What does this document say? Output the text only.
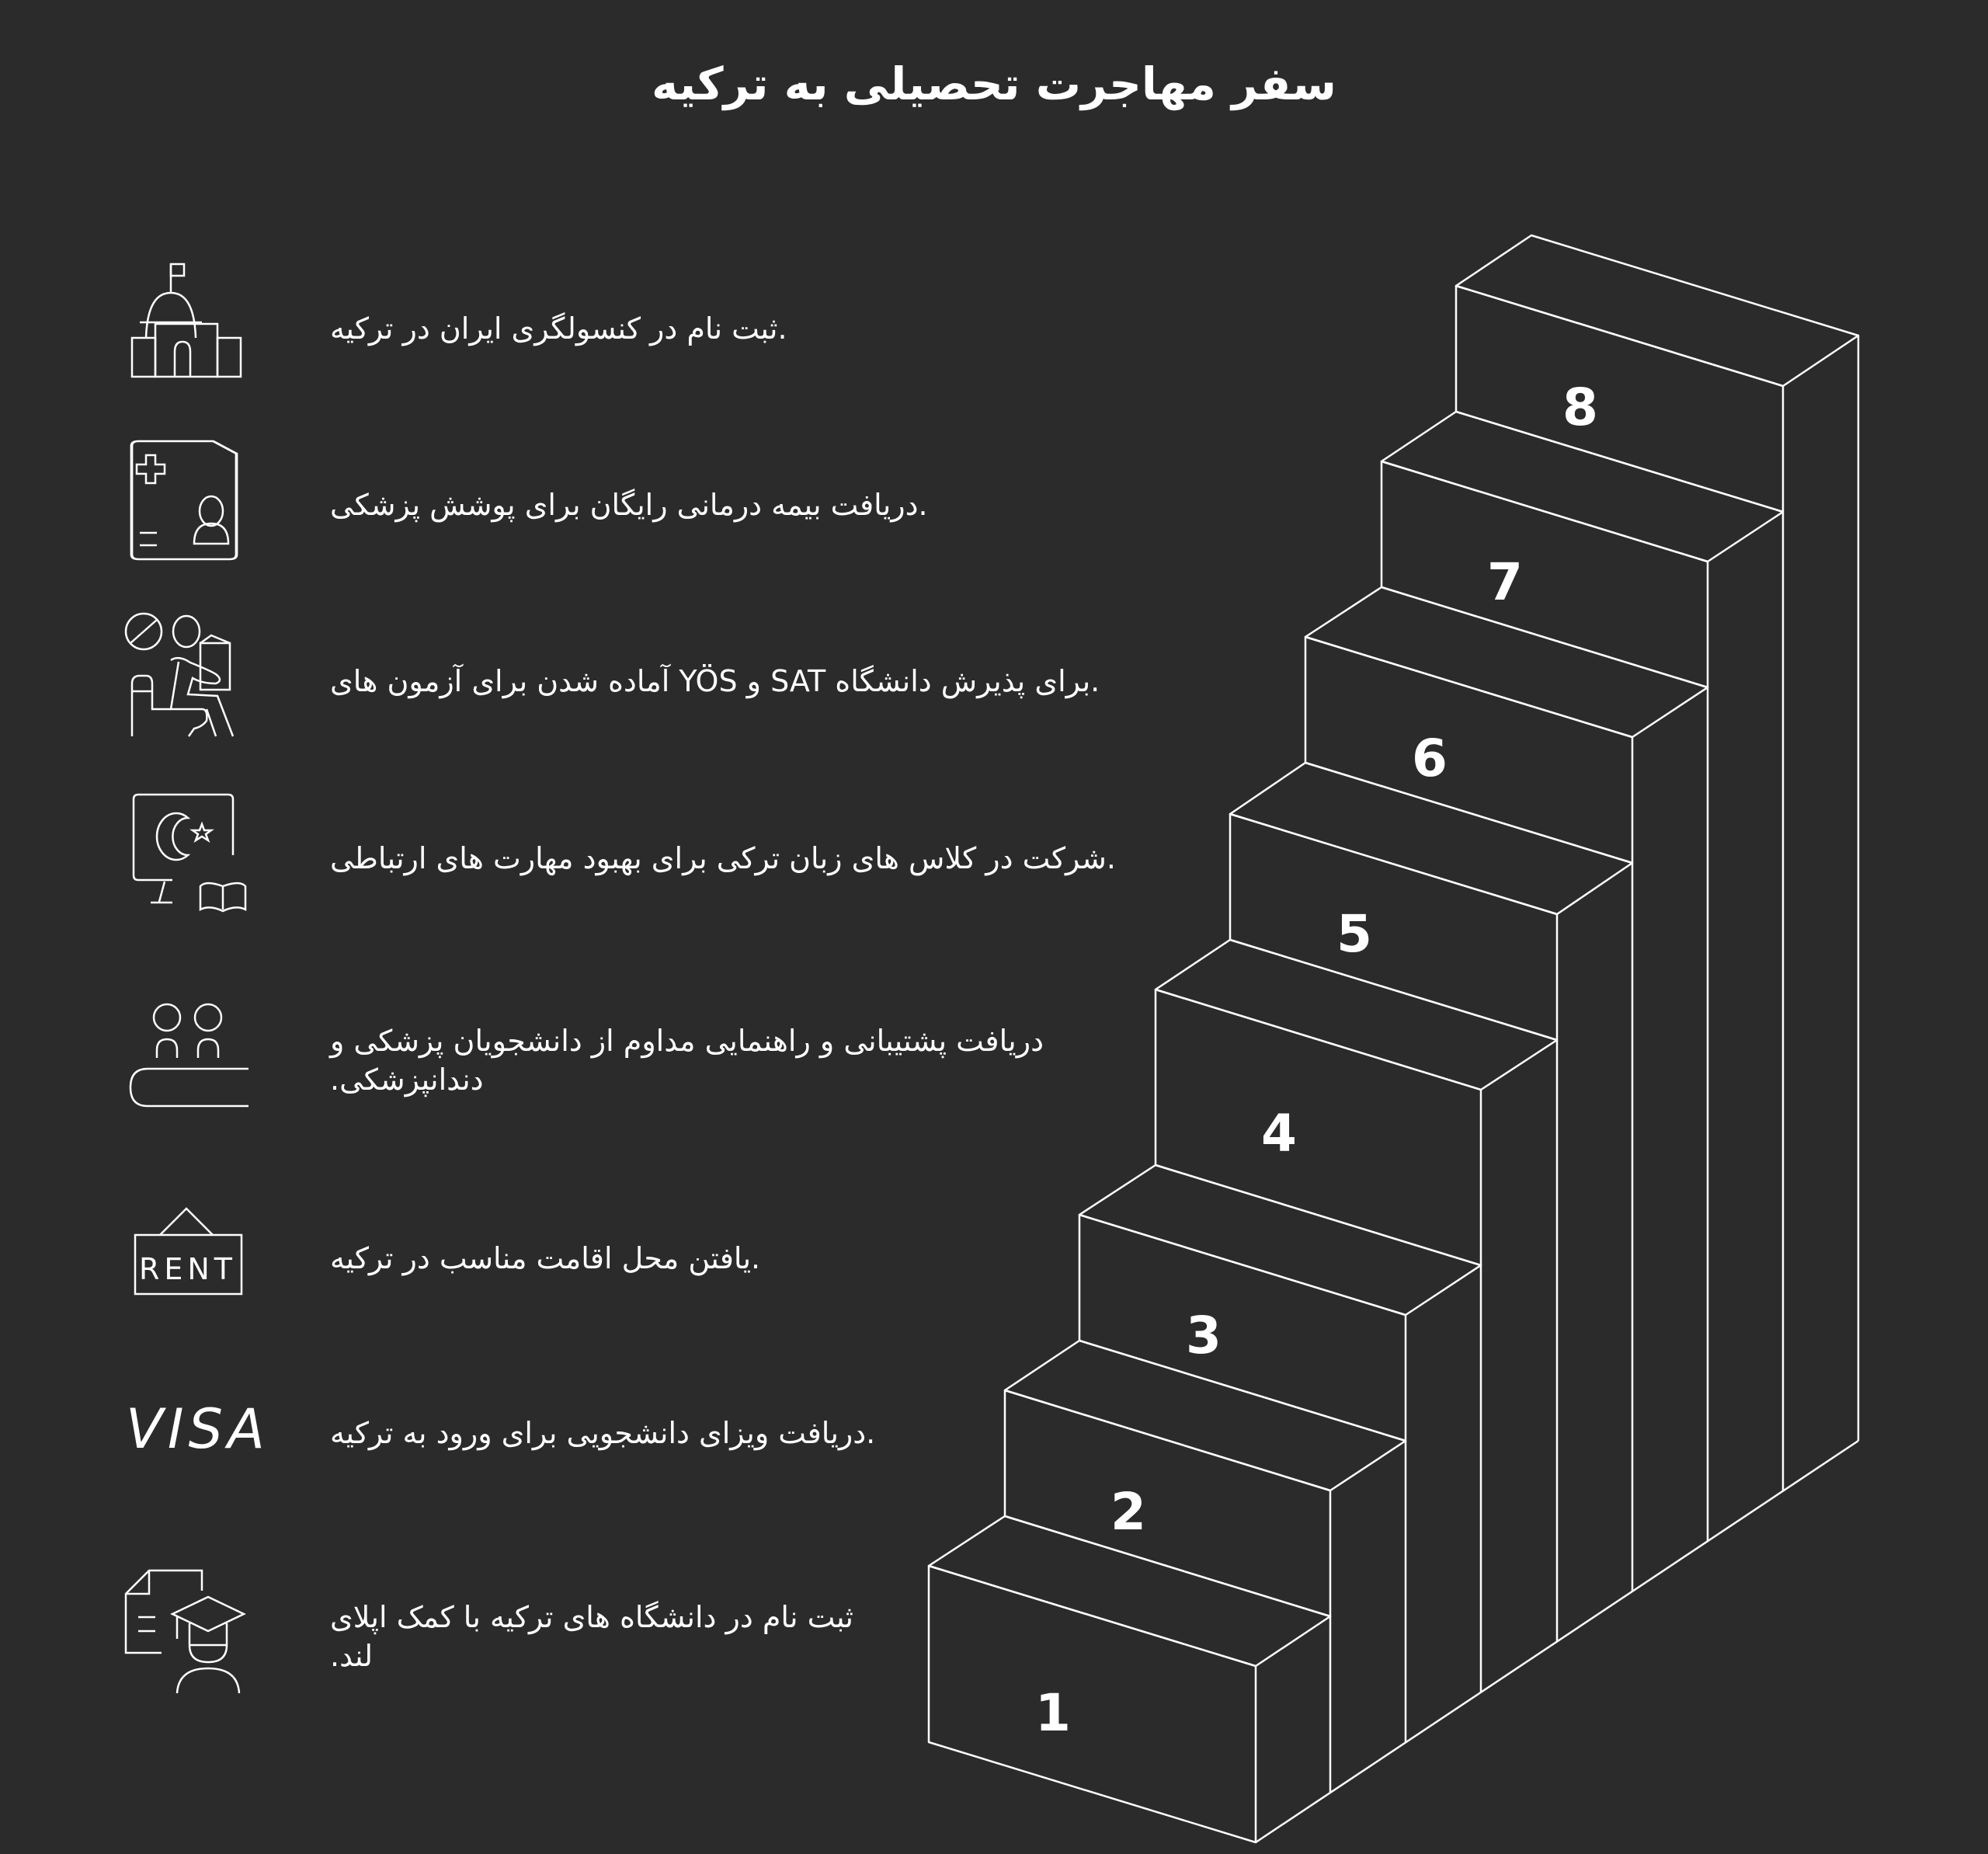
سفر مهاجرت تحصیلی به ترکیه
.ثبت نام در کنسولگری ایران در ترکیه
.دریافت بیمه درمانی رایگان برای پوشش پزشکی
.برای پذیرش دانشگاه SAT و YÖS آماده شدن برای آزمون های
.شرکت در کلاس های زبان ترکی برای بهبود مهارت های ارتباطی
دریافت پشتیبانی و راهنمایی مداوم از دانشجویان پزشکی و دندانپزشکی.
RENT	.یافتن محل اقامت مناسب در ترکیه
VISA .دریافت ویزای دانشجویی برای ورود به ترکیه
ثبت نام در دانشگاه های ترکیه با کمک اپلای لند.
8
7
6
5
4
3
2
1
